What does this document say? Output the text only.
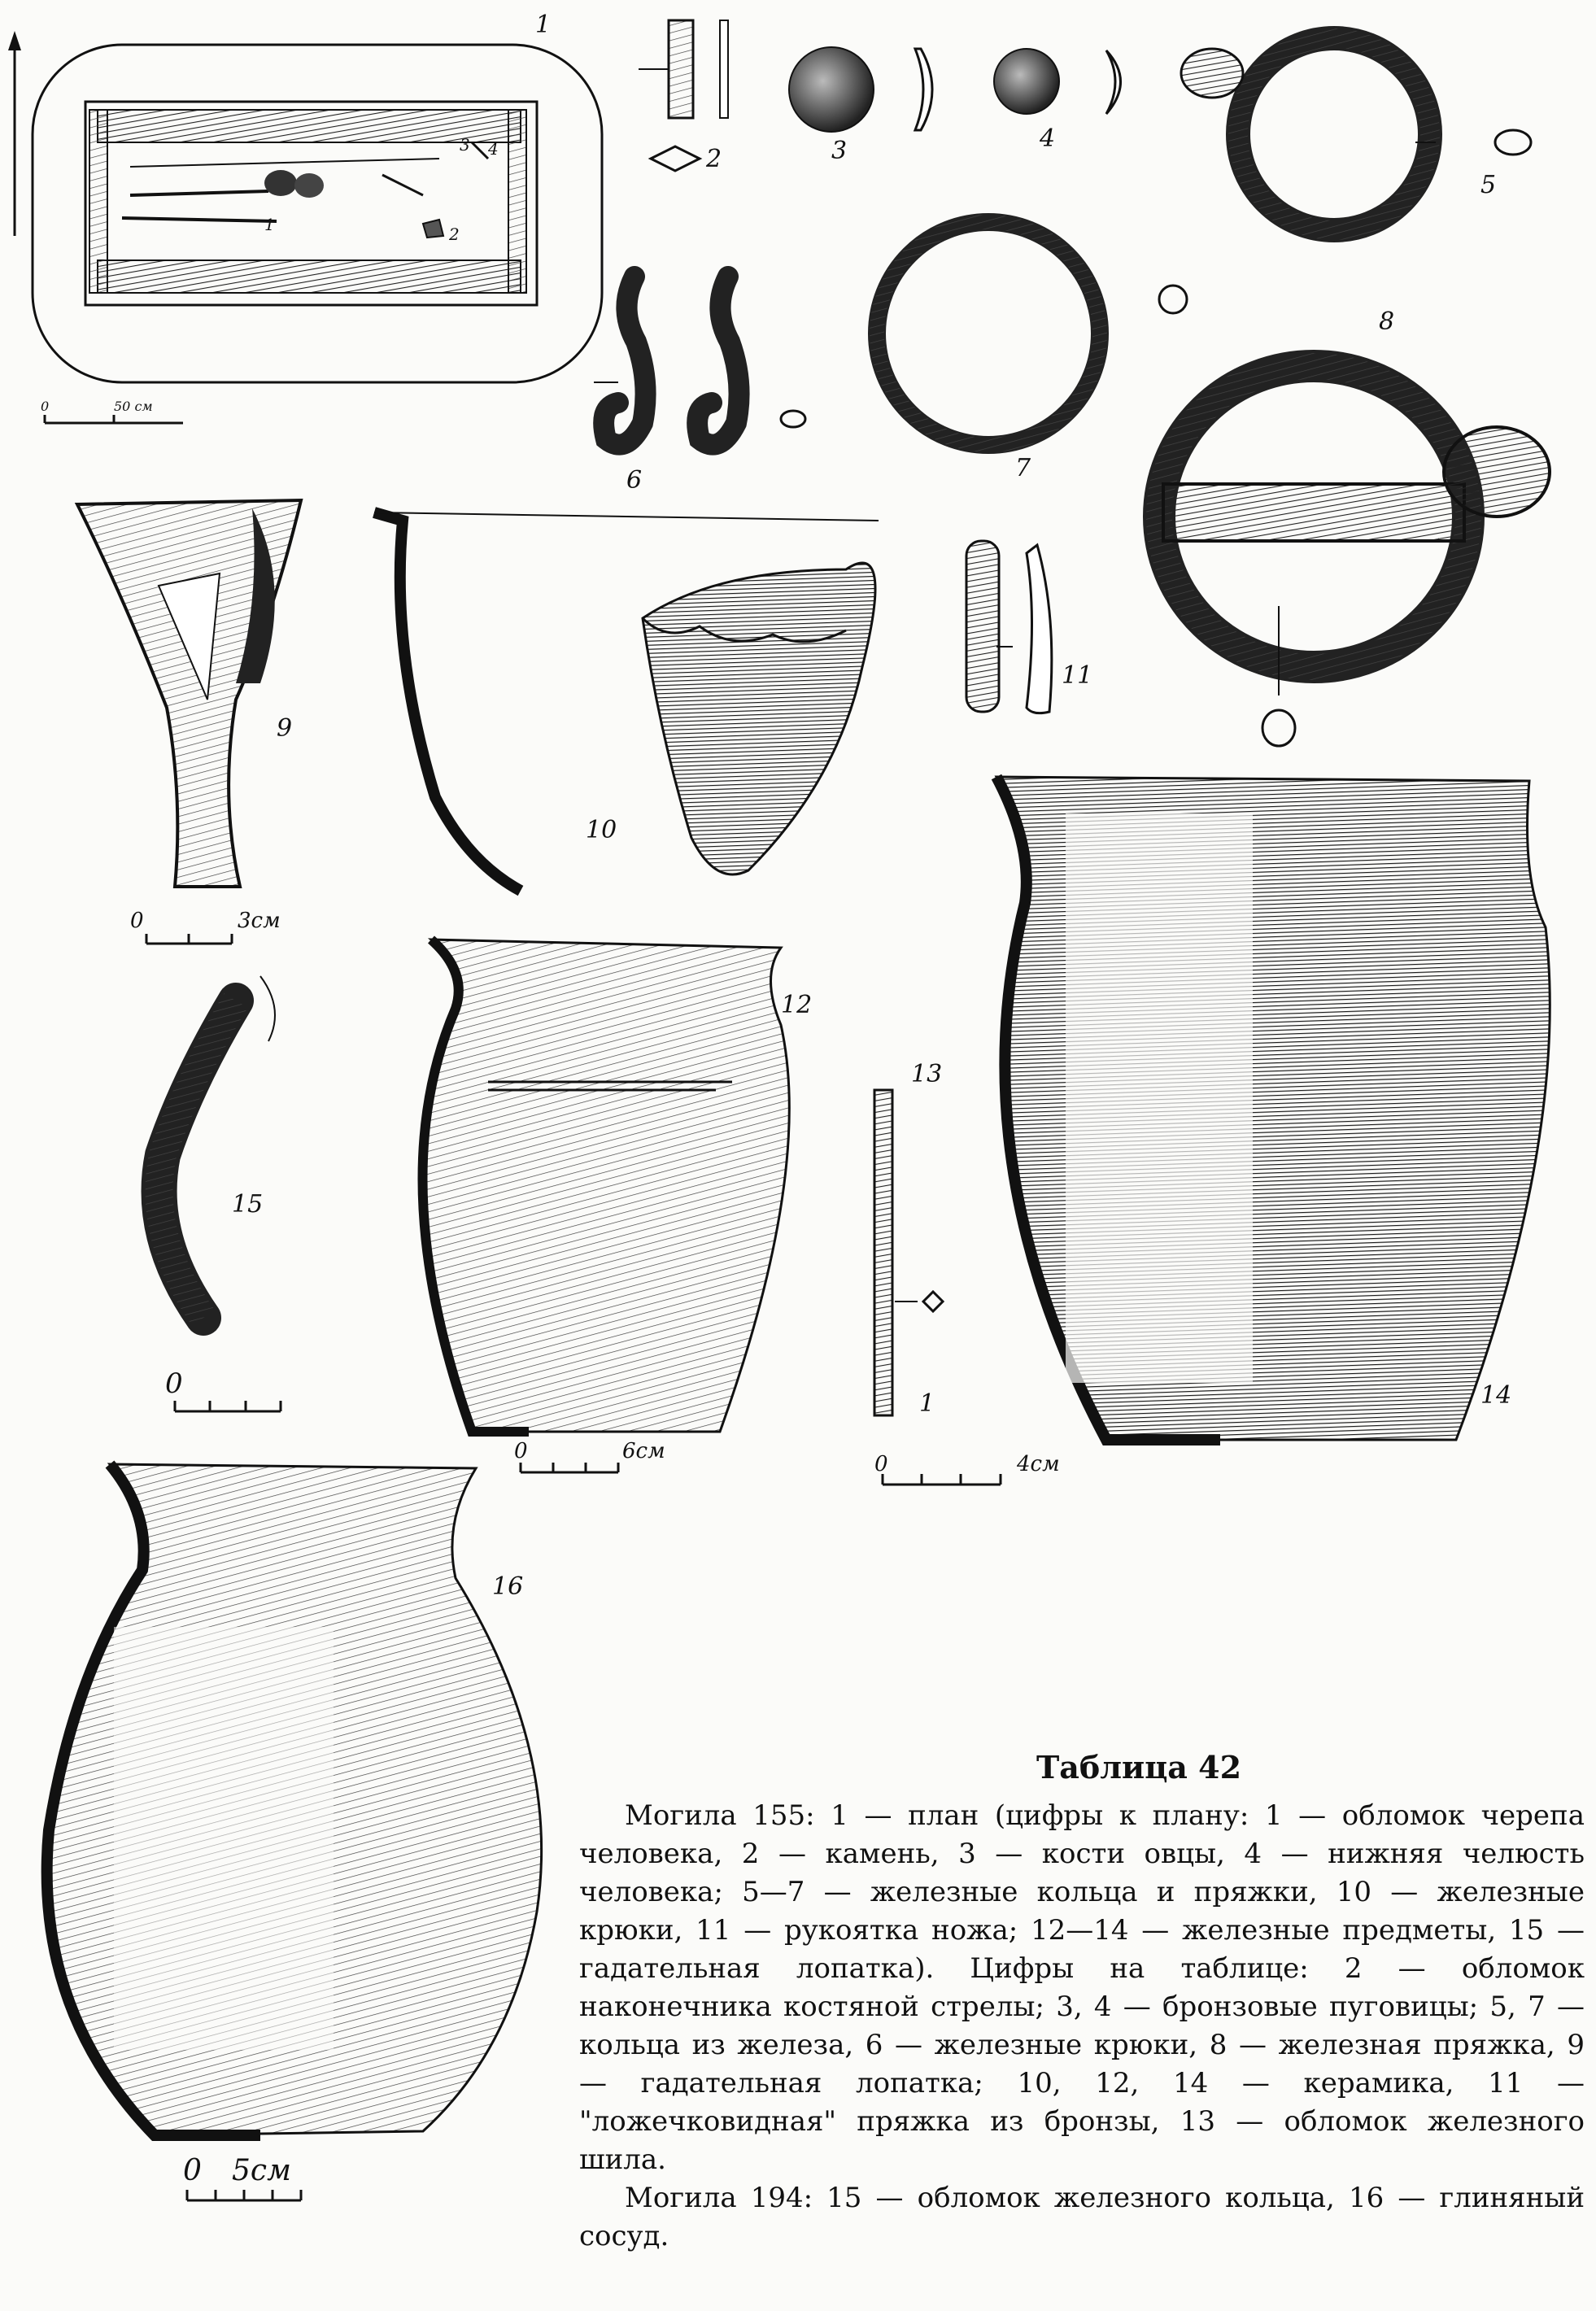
1
1	2
3 4
0	50 см
2	3	4
5
6	7
8
9
0	3см
10
11
12
0	6см
13
1
0	4см
14
15
0
16
0 5см
Таблица 42

Могила 155: 1 — план (цифры к плану: 1 — обломок черепа человека, 2 — камень, 3 — кости овцы, 4 — нижняя челюсть человека; 5—7 — железные кольца и пряжки, 10 — железные крюки, 11 — рукоятка ножа; 12—14 — железные предметы, 15 — гадательная лопатка). Цифры на таблице: 2 — обломок наконечника костяной стрелы; 3, 4 — бронзовые пуговицы; 5, 7 — кольца из железа, 6 — железные крюки, 8 — железная пряжка, 9 — гадательная лопатка; 10, 12, 14 — керамика, 11 — "ложечковидная" пряжка из бронзы, 13 — обломок железного шила.

Могила 194: 15 — обломок железного кольца, 16 — глиняный сосуд.
